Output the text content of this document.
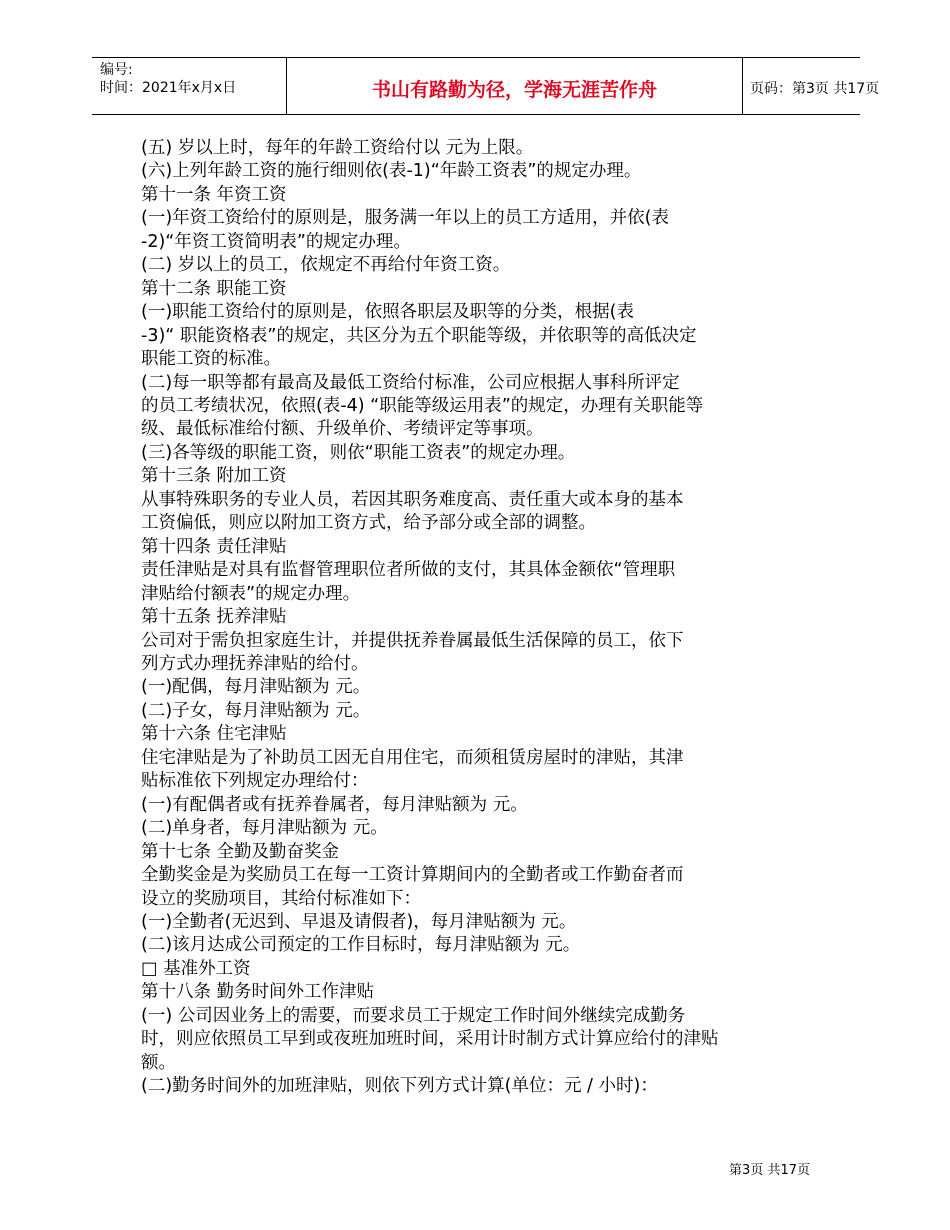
编号:
时间：2021年x月x日	书山有路勤为径，学海无涯苦作舟	页码：第3页 共17页
(五) 岁以上时，每年的年龄工资给付以 元为上限。
(六)上列年龄工资的施行细则依(表-1)“年龄工资表”的规定办理。
第十一条 年资工资
(一)年资工资给付的原则是，服务满一年以上的员工方适用，并依(表
-2)“年资工资简明表”的规定办理。
(二) 岁以上的员工，依规定不再给付年资工资。
第十二条 职能工资
(一)职能工资给付的原则是，依照各职层及职等的分类，根据(表
-3)“ 职能资格表”的规定，共区分为五个职能等级，并依职等的高低决定
职能工资的标准。
(二)每一职等都有最高及最低工资给付标准，公司应根据人事科所评定
的员工考绩状况，依照(表-4) “职能等级运用表”的规定，办理有关职能等
级、最低标准给付额、升级单价、考绩评定等事项。
(三)各等级的职能工资，则依“职能工资表”的规定办理。
第十三条 附加工资
从事特殊职务的专业人员，若因其职务难度高、责任重大或本身的基本
工资偏低，则应以附加工资方式，给予部分或全部的调整。
第十四条 责任津贴
责任津贴是对具有监督管理职位者所做的支付，其具体金额依“管理职
津贴给付额表”的规定办理。
第十五条 抚养津贴
公司对于需负担家庭生计，并提供抚养眷属最低生活保障的员工，依下
列方式办理抚养津贴的给付。
(一)配偶，每月津贴额为 元。
(二)子女，每月津贴额为 元。
第十六条 住宅津贴
住宅津贴是为了补助员工因无自用住宅，而须租赁房屋时的津贴，其津
贴标准依下列规定办理给付：
(一)有配偶者或有抚养眷属者，每月津贴额为 元。
(二)单身者，每月津贴额为 元。
第十七条 全勤及勤奋奖金
全勤奖金是为奖励员工在每一工资计算期间内的全勤者或工作勤奋者而
设立的奖励项目，其给付标准如下：
(一)全勤者(无迟到、早退及请假者)，每月津贴额为 元。
(二)该月达成公司预定的工作目标时，每月津贴额为 元。
□ 基准外工资
第十八条 勤务时间外工作津贴
(一) 公司因业务上的需要，而要求员工于规定工作时间外继续完成勤务
时，则应依照员工早到或夜班加班时间，采用计时制方式计算应给付的津贴
额。
(二)勤务时间外的加班津贴，则依下列方式计算(单位：元 / 小时)：
第3页 共17页
